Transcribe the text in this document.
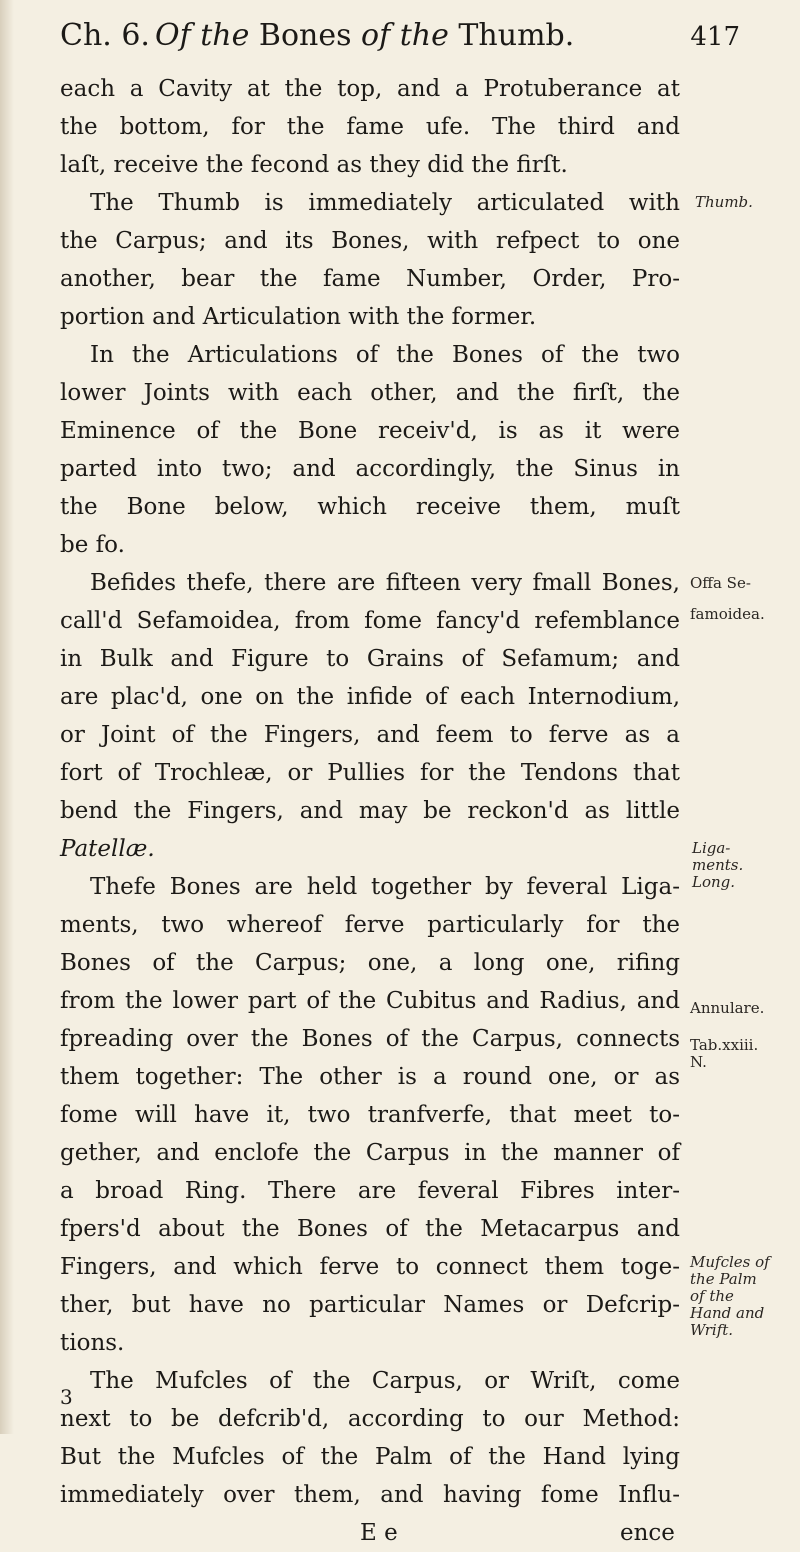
Ch. 6. Of the Bones of the Thumb.	417
each a Cavity at the top, and a Protuberance at
the bottom, for the fame ufe. The third and
laſt, receive the fecond as they did the firſt.
The Thumb is immediately articulated with
the Carpus; and its Bones, with refpect to one
another, bear the fame Number, Order, Pro-
portion and Articulation with the former.
In the Articulations of the Bones of the two
lower Joints with each other, and the firſt, the
Eminence of the Bone receiv'd, is as it were
parted into two; and accordingly, the Sinus in
the Bone below, which receive them, muſt
be fo.
Befides thefe, there are fifteen very fmall Bones,
call'd Sefamoidea, from fome fancy'd refemblance
in Bulk and Figure to Grains of Sefamum; and
are plac'd, one on the infide of each Internodium,
or Joint of the Fingers, and feem to ferve as a
fort of Trochleæ, or Pullies for the Tendons that
bend the Fingers, and may be reckon'd as little
Patellæ.
Thefe Bones are held together by feveral Liga-
ments, two whereof ferve particularly for the
Bones of the Carpus; one, a long one, rifing
from the lower part of the Cubitus and Radius, and
fpreading over the Bones of the Carpus, connects
them together: The other is a round one, or as
fome will have it, two tranfverfe, that meet to-
gether, and enclofe the Carpus in the manner of
a broad Ring. There are feveral Fibres inter-
fpers'd about the Bones of the Metacarpus and
Fingers, and which ferve to connect them toge-
ther, but have no particular Names or Defcrip-
tions.
The Mufcles of the Carpus, or Wriſt, come
next to be defcrib'd, according to our Method:
But the Mufcles of the Palm of the Hand lying
immediately over them, and having fome Influ-
E e	ence
Thumb.
Offa Se-
famoidea.
Liga-
ments.
Long.
Annulare.
Tab.xxiii.
N.
Mufcles of
the Palm
of the
Hand and
Wrift.
3
